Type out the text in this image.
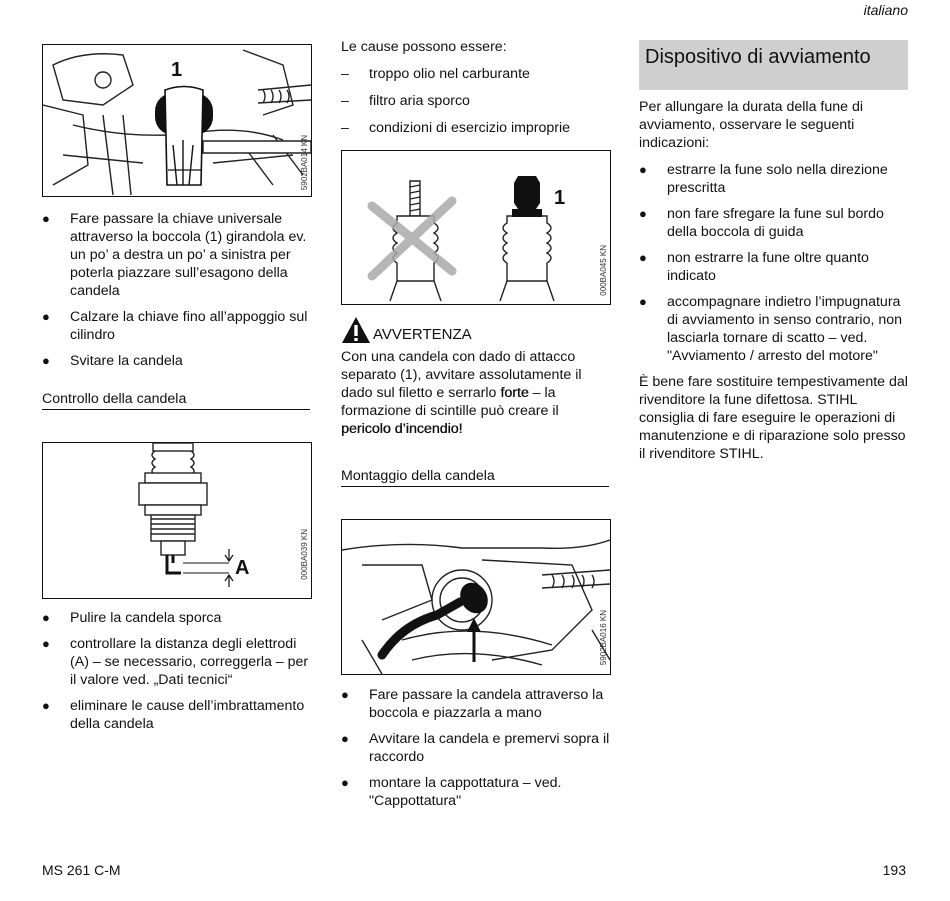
italiano
1
5902BA014 KN
● Fare passare la chiave universale attraverso la boccola (1) girandola ev. un po’ a destra un po’ a sinistra per poterla piazzare sull’esagono della candela
● Calzare la chiave fino all’appoggio sul cilindro
● Svitare la candela
Controllo della candela
A	000BA039 KN
● Pulire la candela sporca
● controllare la distanza degli elettrodi (A) – se necessario, correggerla – per il valore ved. „Dati tecnici“
● eliminare le cause dell’imbrattamento della candela

Le cause possono essere:

– troppo olio nel carburante
– filtro aria sporco
– condizioni di esercizio improprie
1
000BA045 KN
AVVERTENZA

Con una candela con dado di attacco separato (1), avvitare assolutamente il dado sul filetto e serrarlo forte – la formazione di scintille può creare il pericolo d’incendio!

Montaggio della candela
5902BA016 KN
● Fare passare la candela attraverso la boccola e piazzarla a mano
● Avvitare la candela e premervi sopra il raccordo
● montare la cappottatura – ved. "Cappottatura"
Dispositivo di avviamento

Per allungare la durata della fune di avviamento, osservare le seguenti indicazioni:

● estrarre la fune solo nella direzione prescritta
● non fare sfregare la fune sul bordo della boccola di guida
● non estrarre la fune oltre quanto indicato
● accompagnare indietro l’impugnatura di avviamento in senso contrario, non lasciarla tornare di scatto – ved. "Avviamento / arresto del motore"

È bene fare sostituire tempestivamente dal rivenditore la fune difettosa. STIHL consiglia di fare eseguire le operazioni di manutenzione e di riparazione solo presso il rivenditore STIHL.

MS 261 C-M	193
